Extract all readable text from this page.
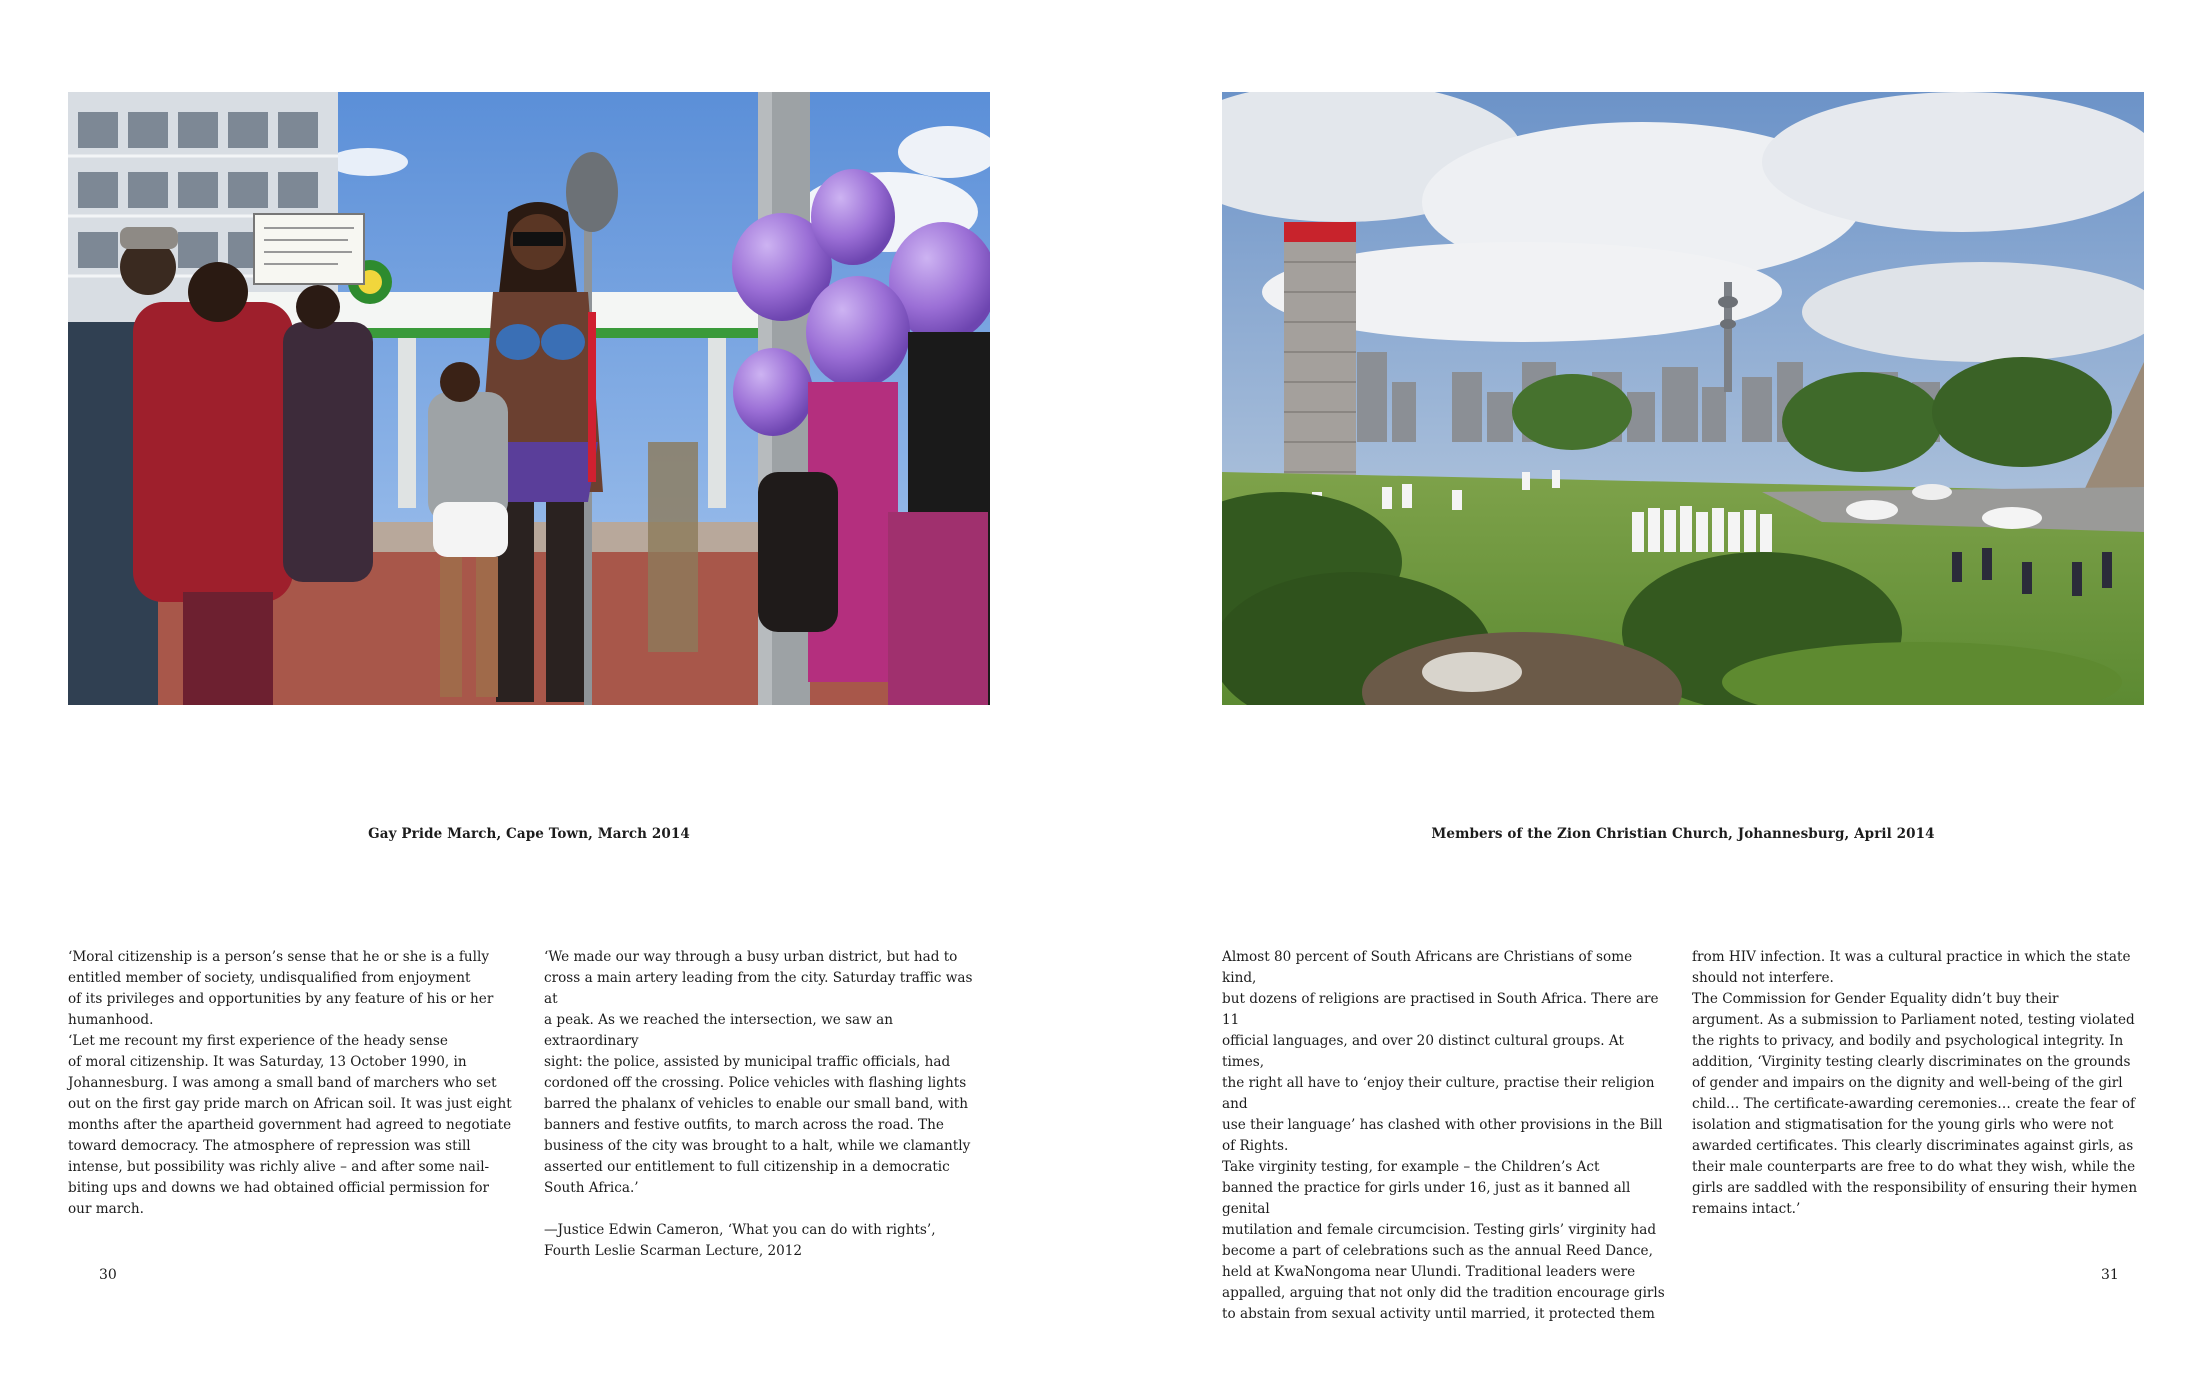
Gay Pride March, Cape Town, March 2014
‘Moral citizenship is a person’s sense that he or she is a fully
entitled member of society, undisqualified from enjoyment
of its privileges and opportunities by any feature of his or her
humanhood.
‘Let me recount my first experience of the heady sense
of moral citizenship. It was Saturday, 13 October 1990, in
Johannesburg. I was among a small band of marchers who set
out on the first gay pride march on African soil. It was just eight
months after the apartheid government had agreed to negotiate
toward democracy. The atmosphere of repression was still
intense, but possibility was richly alive – and after some nail-
biting ups and downs we had obtained official permission for
our march.
‘We made our way through a busy urban district, but had to
cross a main artery leading from the city. Saturday traffic was at
a peak. As we reached the intersection, we saw an extraordinary
sight: the police, assisted by municipal traffic officials, had
cordoned off the crossing. Police vehicles with flashing lights
barred the phalanx of vehicles to enable our small band, with
banners and festive outfits, to march across the road. The
business of the city was brought to a halt, while we clamantly
asserted our entitlement to full citizenship in a democratic
South Africa.’

—Justice Edwin Cameron, ‘What you can do with rights’,
Fourth Leslie Scarman Lecture, 2012
30
Members of the Zion Christian Church, Johannesburg, April 2014
Almost 80 percent of South Africans are Christians of some kind,
but dozens of religions are practised in South Africa. There are 11
official languages, and over 20 distinct cultural groups. At times,
the right all have to ‘enjoy their culture, practise their religion and
use their language’ has clashed with other provisions in the Bill
of Rights.
Take virginity testing, for example – the Children’s Act
banned the practice for girls under 16, just as it banned all genital
mutilation and female circumcision. Testing girls’ virginity had
become a part of celebrations such as the annual Reed Dance,
held at KwaNongoma near Ulundi. Traditional leaders were
appalled, arguing that not only did the tradition encourage girls
to abstain from sexual activity until married, it protected them
from HIV infection. It was a cultural practice in which the state
should not interfere.
The Commission for Gender Equality didn’t buy their
argument. As a submission to Parliament noted, testing violated
the rights to privacy, and bodily and psychological integrity. In
addition, ‘Virginity testing clearly discriminates on the grounds
of gender and impairs on the dignity and well-being of the girl
child… The certificate-awarding ceremonies… create the fear of
isolation and stigmatisation for the young girls who were not
awarded certificates. This clearly discriminates against girls, as
their male counterparts are free to do what they wish, while the
girls are saddled with the responsibility of ensuring their hymen
remains intact.’
31
